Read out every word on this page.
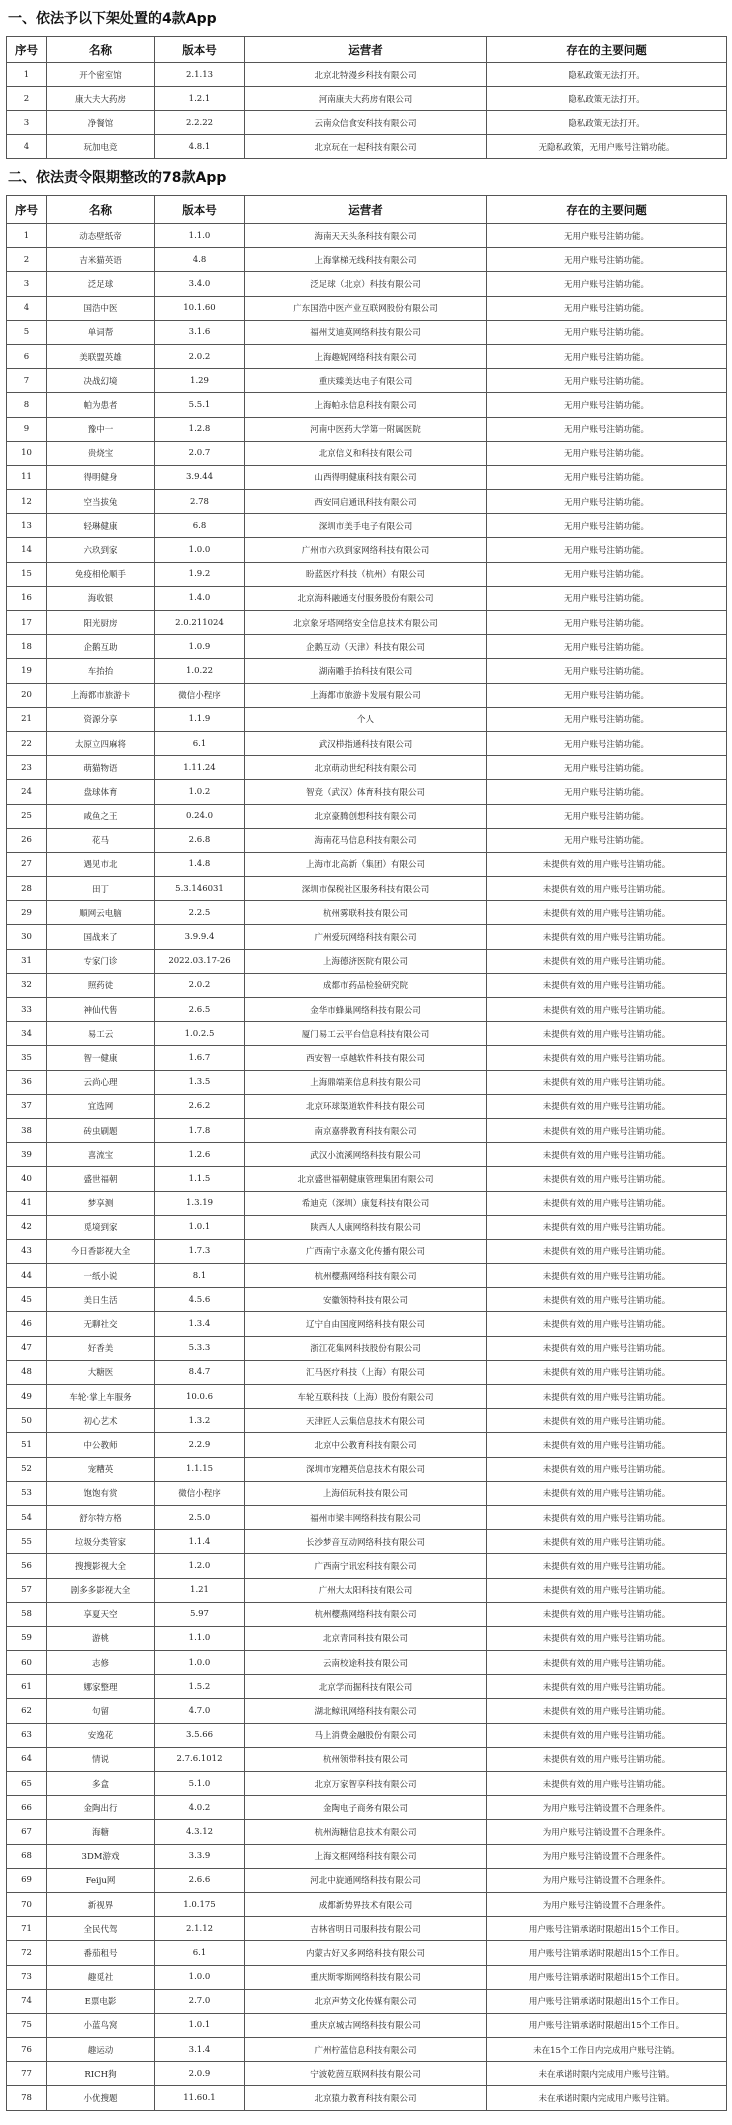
一、依法予以下架处置的4款App
序号	名称	版本号	运营者	存在的主要问题
1	开个密室馆	2.1.13	北京北特漫乡科技有限公司	隐私政策无法打开。
2	康大夫大药房	1.2.1	河南康夫大药房有限公司	隐私政策无法打开。
3	净餐馆	2.2.22	云南众信食安科技有限公司	隐私政策无法打开。
4	玩加电竞	4.8.1	北京玩在一起科技有限公司	无隐私政策，无用户账号注销功能。
二、依法责令限期整改的78款App
序号	名称	版本号	运营者	存在的主要问题
1	动态壁纸帝	1.1.0	海南天天头条科技有限公司	无用户账号注销功能。
2	吉米猫英语	4.8	上海掌梯无线科技有限公司	无用户账号注销功能。
3	泛足球	3.4.0	泛足球（北京）科技有限公司	无用户账号注销功能。
4	国浩中医	10.1.60	广东国浩中医产业互联网股份有限公司	无用户账号注销功能。
5	单词帮	3.1.6	福州艾迪莫网络科技有限公司	无用户账号注销功能。
6	美联盟英雄	2.0.2	上海趣妮网络科技有限公司	无用户账号注销功能。
7	决战幻境	1.29	重庆臻美达电子有限公司	无用户账号注销功能。
8	帕为患者	5.5.1	上海帕永信息科技有限公司	无用户账号注销功能。
9	豫中一	1.2.8	河南中医药大学第一附属医院	无用户账号注销功能。
10	贵烧宝	2.0.7	北京信义和科技有限公司	无用户账号注销功能。
11	得明健身	3.9.44	山西得明健康科技有限公司	无用户账号注销功能。
12	空当拔兔	2.78	西安同启通讯科技有限公司	无用户账号注销功能。
13	轻琳健康	6.8	深圳市美手电子有限公司	无用户账号注销功能。
14	六玖到家	1.0.0	广州市六玖到家网络科技有限公司	无用户账号注销功能。
15	免疫相伦顺手	1.9.2	盼蓝医疗科技（杭州）有限公司	无用户账号注销功能。
16	海收银	1.4.0	北京海科融通支付服务股份有限公司	无用户账号注销功能。
17	阳光厨房	2.0.211024	北京象牙塔网络安全信息技术有限公司	无用户账号注销功能。
18	企鹅互助	1.0.9	企鹅互动（天津）科技有限公司	无用户账号注销功能。
19	车抬抬	1.0.22	湖南雕手抬科技有限公司	无用户账号注销功能。
20	上海都市旅游卡	微信小程序	上海都市旅游卡发展有限公司	无用户账号注销功能。
21	资源分享	1.1.9	个人	无用户账号注销功能。
22	太原立四麻将	6.1	武汉栉指通科技有限公司	无用户账号注销功能。
23	萌猫物语	1.11.24	北京萌动世纪科技有限公司	无用户账号注销功能。
24	盘球体育	1.0.2	智竞（武汉）体育科技有限公司	无用户账号注销功能。
25	咸鱼之王	0.24.0	北京豪腾创想科技有限公司	无用户账号注销功能。
26	花马	2.6.8	海南花马信息科技有限公司	无用户账号注销功能。
27	遇见市北	1.4.8	上海市北高新（集团）有限公司	未提供有效的用户账号注销功能。
28	田丁	5.3.146031	深圳市保税社区服务科技有限公司	未提供有效的用户账号注销功能。
29	順网云电脑	2.2.5	杭州雾联科技有限公司	未提供有效的用户账号注销功能。
30	国战来了	3.9.9.4	广州爱玩网络科技有限公司	未提供有效的用户账号注销功能。
31	专家门诊	2022.03.17-26	上海德济医院有限公司	未提供有效的用户账号注销功能。
32	照药徒	2.0.2	成都市药品检验研究院	未提供有效的用户账号注销功能。
33	神仙代售	2.6.5	金华市蜂巢网络科技有限公司	未提供有效的用户账号注销功能。
34	易工云	1.0.2.5	厦门易工云平台信息科技有限公司	未提供有效的用户账号注销功能。
35	智一健康	1.6.7	西安智一卓越软件科技有限公司	未提供有效的用户账号注销功能。
36	云尚心理	1.3.5	上海鼎端莱信息科技有限公司	未提供有效的用户账号注销功能。
37	宜选网	2.6.2	北京环球渠道软件科技有限公司	未提供有效的用户账号注销功能。
38	砖虫刷题	1.7.8	南京嘉骅教育科技有限公司	未提供有效的用户账号注销功能。
39	喜流宝	1.2.6	武汉小流溪网络科技有限公司	未提供有效的用户账号注销功能。
40	盛世福朝	1.1.5	北京盛世福朝健康管理集团有限公司	未提供有效的用户账号注销功能。
41	梦享测	1.3.19	希迪克（深圳）康复科技有限公司	未提供有效的用户账号注销功能。
42	觅境到家	1.0.1	陕西人人康网络科技有限公司	未提供有效的用户账号注销功能。
43	今日香影视大全	1.7.3	广西南宁永嘉文化传播有限公司	未提供有效的用户账号注销功能。
44	一纸小说	8.1	杭州樱燕网络科技有限公司	未提供有效的用户账号注销功能。
45	美日生活	4.5.6	安徽领特科技有限公司	未提供有效的用户账号注销功能。
46	无聊社交	1.3.4	辽宁自由国度网络科技有限公司	未提供有效的用户账号注销功能。
47	好香美	5.3.3	浙江花集网科技股份有限公司	未提供有效的用户账号注销功能。
48	大糖医	8.4.7	汇马医疗科技（上海）有限公司	未提供有效的用户账号注销功能。
49	车轮·掌上车服务	10.0.6	车轮互联科技（上海）股份有限公司	未提供有效的用户账号注销功能。
50	初心艺术	1.3.2	天津匠人云集信息技术有限公司	未提供有效的用户账号注销功能。
51	中公教师	2.2.9	北京中公教育科技有限公司	未提供有效的用户账号注销功能。
52	宠糟英	1.1.15	深圳市宠糟英信息技术有限公司	未提供有效的用户账号注销功能。
53	饱饱有赏	微信小程序	上海佰玩科技有限公司	未提供有效的用户账号注销功能。
54	舒尔特方格	2.5.0	福州市梁丰网络科技有限公司	未提供有效的用户账号注销功能。
55	垃圾分类管家	1.1.4	长沙梦音互动网络科技有限公司	未提供有效的用户账号注销功能。
56	搜搜影视大全	1.2.0	广西南宁讯宏科技有限公司	未提供有效的用户账号注销功能。
57	剧多多影视大全	1.21	广州大太阳科技有限公司	未提供有效的用户账号注销功能。
58	享夏天空	5.97	杭州樱燕网络科技有限公司	未提供有效的用户账号注销功能。
59	游桃	1.1.0	北京青同科技有限公司	未提供有效的用户账号注销功能。
60	志修	1.0.0	云南校途科技有限公司	未提供有效的用户账号注销功能。
61	娜家整理	1.5.2	北京学而掘科技有限公司	未提供有效的用户账号注销功能。
62	句留	4.7.0	湖北鲸讯网络科技有限公司	未提供有效的用户账号注销功能。
63	安逸花	3.5.66	马上消费金融股份有限公司	未提供有效的用户账号注销功能。
64	情说	2.7.6.1012	杭州领带科技有限公司	未提供有效的用户账号注销功能。
65	多盒	5.1.0	北京万家智享科技有限公司	未提供有效的用户账号注销功能。
66	金陶出行	4.0.2	金陶电子商务有限公司	为用户账号注销设置不合理条件。
67	海糖	4.3.12	杭州海糖信息技术有限公司	为用户账号注销设置不合理条件。
68	3DM游戏	3.3.9	上海文框网络科技有限公司	为用户账号注销设置不合理条件。
69	Feiju网	2.6.6	河北中旋通网络科技有限公司	为用户账号注销设置不合理条件。
70	新视界	1.0.175	成都新势界技术有限公司	为用户账号注销设置不合理条件。
71	全民代驾	2.1.12	吉林省明日司服科技有限公司	用户账号注销承诺时限超出15个工作日。
72	番茄租号	6.1	内蒙古好又多网络科技有限公司	用户账号注销承诺时限超出15个工作日。
73	趣觅社	1.0.0	重庆斯零斯网络科技有限公司	用户账号注销承诺时限超出15个工作日。
74	E票电影	2.7.0	北京声势文化传媒有限公司	用户账号注销承诺时限超出15个工作日。
75	小蓝鸟窝	1.0.1	重庆京城古网络科技有限公司	用户账号注销承诺时限超出15个工作日。
76	趣运动	3.1.4	广州柠蓝信息科技有限公司	未在15个工作日内完成用户账号注销。
77	RICH狗	2.0.9	宁波乾茵互联网科技有限公司	未在承诺时限内完成用户账号注销。
78	小优搜题	11.60.1	北京猿力教育科技有限公司	未在承诺时限内完成用户账号注销。
